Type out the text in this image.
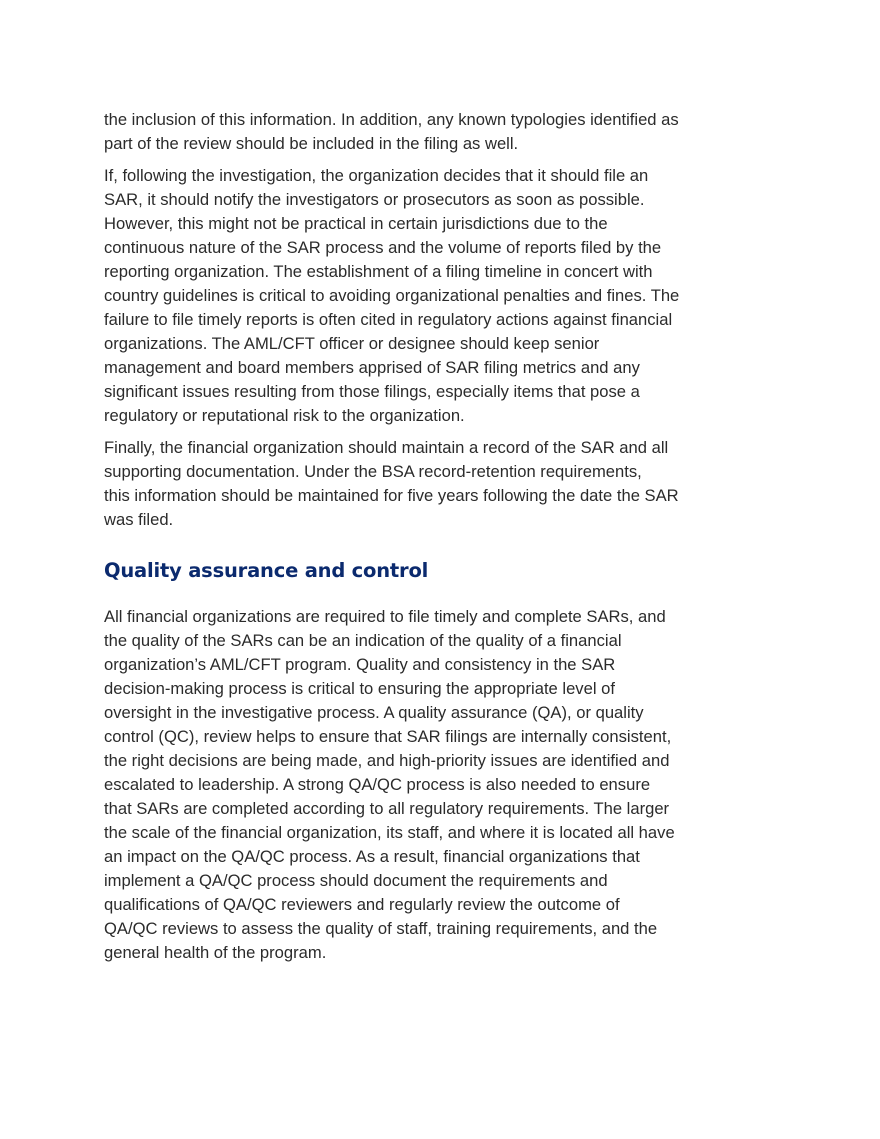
the inclusion of this information. In addition, any known typologies identified as
part of the review should be included in the filing as well.

If, following the investigation, the organization decides that it should file an
SAR, it should notify the investigators or prosecutors as soon as possible.
However, this might not be practical in certain jurisdictions due to the
continuous nature of the SAR process and the volume of reports filed by the
reporting organization. The establishment of a filing timeline in concert with
country guidelines is critical to avoiding organizational penalties and fines. The
failure to file timely reports is often cited in regulatory actions against financial
organizations. The AML/CFT officer or designee should keep senior
management and board members apprised of SAR filing metrics and any
significant issues resulting from those filings, especially items that pose a
regulatory or reputational risk to the organization.

Finally, the financial organization should maintain a record of the SAR and all
supporting documentation. Under the BSA record-retention requirements,
this information should be maintained for five years following the date the SAR
was filed.

Quality assurance and control

All financial organizations are required to file timely and complete SARs, and
the quality of the SARs can be an indication of the quality of a financial
organization’s AML/CFT program. Quality and consistency in the SAR
decision-making process is critical to ensuring the appropriate level of
oversight in the investigative process. A quality assurance (QA), or quality
control (QC), review helps to ensure that SAR filings are internally consistent,
the right decisions are being made, and high-priority issues are identified and
escalated to leadership. A strong QA/QC process is also needed to ensure
that SARs are completed according to all regulatory requirements. The larger
the scale of the financial organization, its staff, and where it is located all have
an impact on the QA/QC process. As a result, financial organizations that
implement a QA/QC process should document the requirements and
qualifications of QA/QC reviewers and regularly review the outcome of
QA/QC reviews to assess the quality of staff, training requirements, and the
general health of the program.
